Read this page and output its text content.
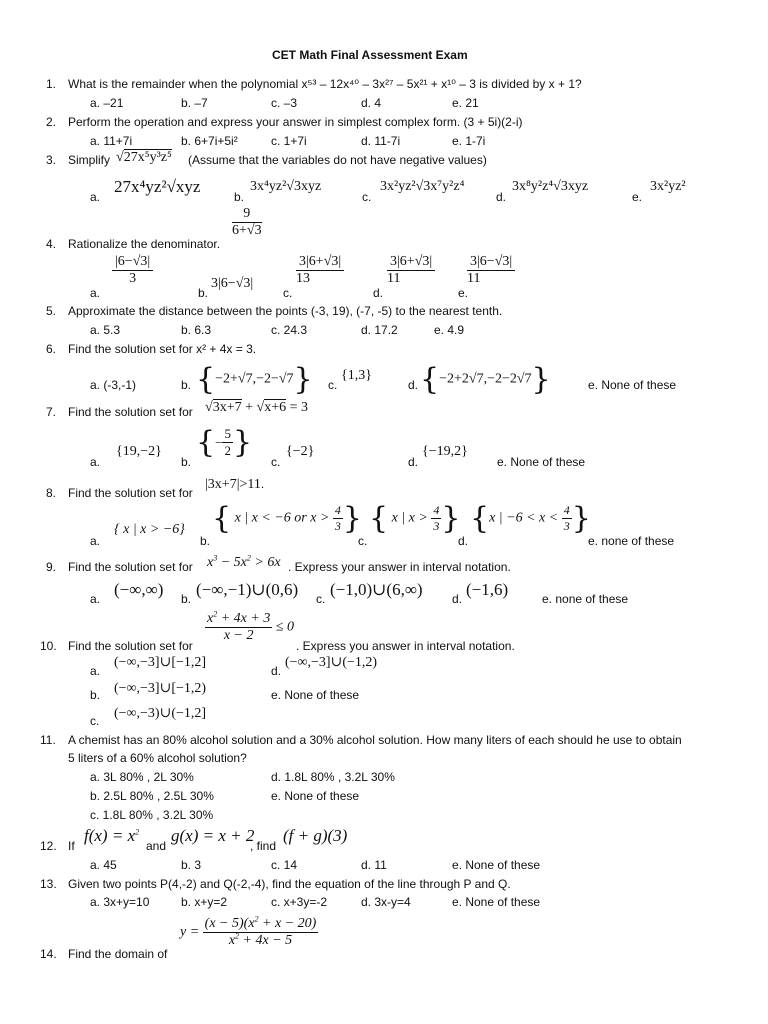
CET Math Final Assessment Exam
1. What is the remainder when the polynomial x⁵³ – 12x⁴⁰ – 3x²⁷ – 5x²¹ + x¹⁰ – 3 is divided by x + 1?
a. –21	b. –7	c. –3	d. 4	e. 21
2. Perform the operation and express your answer in simplest complex form. (3 + 5i)(2-i)
a. 11+7i	b. 6+7i+5i²	c. 1+7i	d. 11-7i	e. 1-7i
3. Simplify √27x⁵y³z⁵ (Assume that the variables do not have negative values)
a.
27x⁴yz²√xyz
b.
3x⁴yz²√3xyz
c.
3x²yz²√3x⁷y²z⁴
d.
3x⁸y²z⁴√3xyz
e.
3x²yz²
4. Rationalize the denominator.
$\frac{9}{6+√3}$
a.
|6−√3|
3
b.
3|6−√3|
c.
3|6+√3|
13
d.
3|6+√3|
11
e.
3|6−√3|
11
5. Approximate the distance between the points (-3, 19), (-7, -5) to the nearest tenth.
a. 5.3	b. 6.3	c. 24.3	d. 17.2	e. 4.9
6. Find the solution set for x² + 4x = 3.
a. (-3,-1)	b. {−2+√7,−2−√7} c.
{1,3}
d. {−2+2√7,−2−2√7}	e. None of these
7. Find the solution set for √3x+7 + √x+6 = 3
a.
{19,−2}
b.
{− $\frac{5}{2}$ }
c.
{−2}
d.
{−19,2}
e. None of these
8. Find the solution set for
|3x+7|>11.
a.
{ x | x > −6}
b.
{ x | x < −6 or $x > \frac{4}{3}$ }
c.
{ x | $x > \frac{4}{3}$ }
d.
{x | $-6 < x < \frac{4}{3}$ }
e. none of these
9. Find the solution set for $x^3 - 5x^2 > 6x$ . Express your answer in interval notation.
a. (−∞,∞) b. (−∞,−1)∪(0,6) c. (−1,0)∪(6,∞) d. (−1,6)	e. none of these
10. Find the solution set for
$\frac{x^2 + 4x + 3}{x - 2} \le 0$
. Express you answer in interval notation.
a.
(−∞,−3]∪[−1,2]
d.
(−∞,−3]∪(−1,2)
b. (−∞,−3]∪[−1,2)	e. None of these
c. (−∞,−3)∪(−1,2]
11. A chemist has an 80% alcohol solution and a 30% alcohol solution. How many liters of each should he use to obtain
5 liters of a 60% alcohol solution?
a. 3L 80% , 2L 30%	d. 1.8L 80% , 3.2L 30%
b. 2.5L 80% , 2.5L 30%	e. None of these
c. 1.8L 80% , 3.2L 30%
12. If
$f(x) = x^2$
and
g(x) = x + 2
, find
(f + g)(3)
a. 45	b. 3	c. 14	d. 11	e. None of these
13. Given two points P(4,-2) and Q(-2,-4), find the equation of the line through P and Q.
a. 3x+y=10	b. x+y=2	c. x+3y=-2	d. 3x-y=4	e. None of these
14. Find the domain of
$y = \frac{(x - 5)(x^2 + x - 20)}{x^2 + 4x - 5}$
